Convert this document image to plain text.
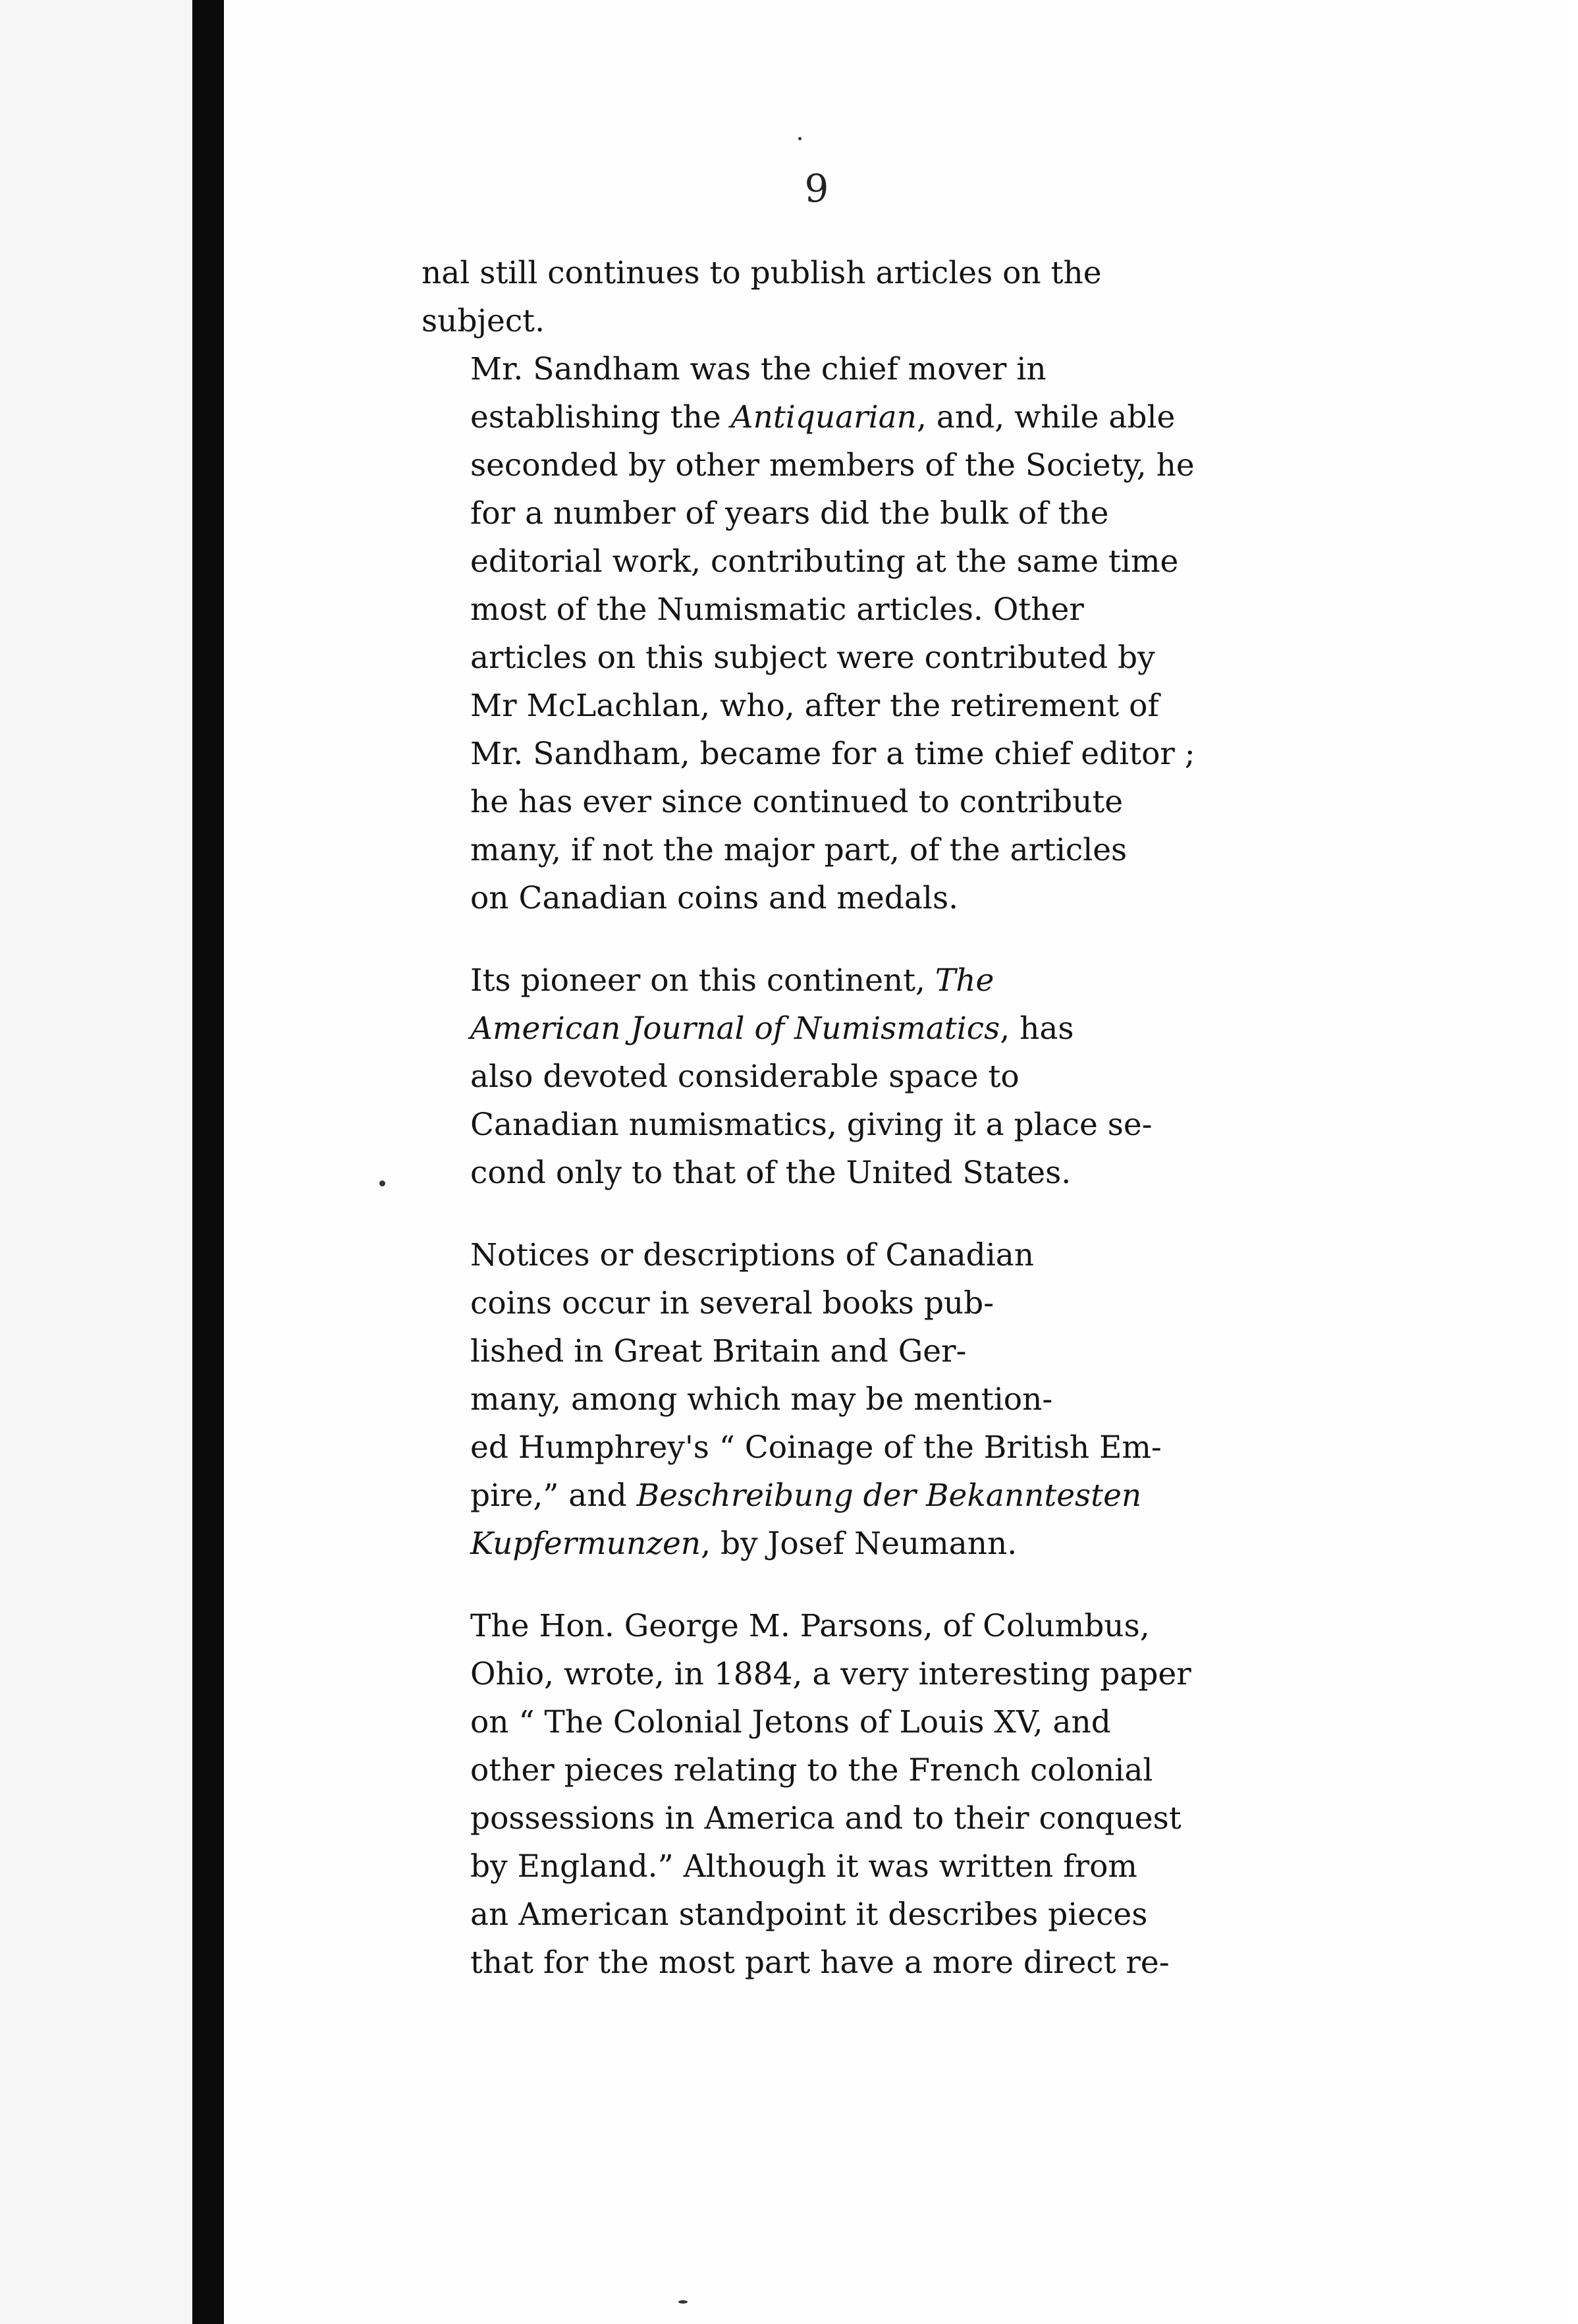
9

nal still continues to publish articles on the
subject.

Mr. Sandham was the chief mover in
establishing the Antiquarian, and, while able
seconded by other members of the Society, he
for a number of years did the bulk of the
editorial work, contributing at the same time
most of the Numismatic articles. Other
articles on this subject were contributed by
Mr McLachlan, who, after the retirement of
Mr. Sandham, became for a time chief editor ;
he has ever since continued to contribute
many, if not the major part, of the articles
on Canadian coins and medals.

Its pioneer on this continent, The
American Journal of Numismatics, has
also devoted considerable space to
Canadian numismatics, giving it a place se-
cond only to that of the United States.

Notices or descriptions of Canadian
coins occur in several books pub-
lished in Great Britain and Ger-
many, among which may be mention-
ed Humphrey's “ Coinage of the British Em-
pire,” and Beschreibung der Bekanntesten
Kupfermunzen, by Josef Neumann.

The Hon. George M. Parsons, of Columbus,
Ohio, wrote, in 1884, a very interesting paper
on “ The Colonial Jetons of Louis XV, and
other pieces relating to the French colonial
possessions in America and to their conquest
by England.” Although it was written from
an American standpoint it describes pieces
that for the most part have a more direct re-
